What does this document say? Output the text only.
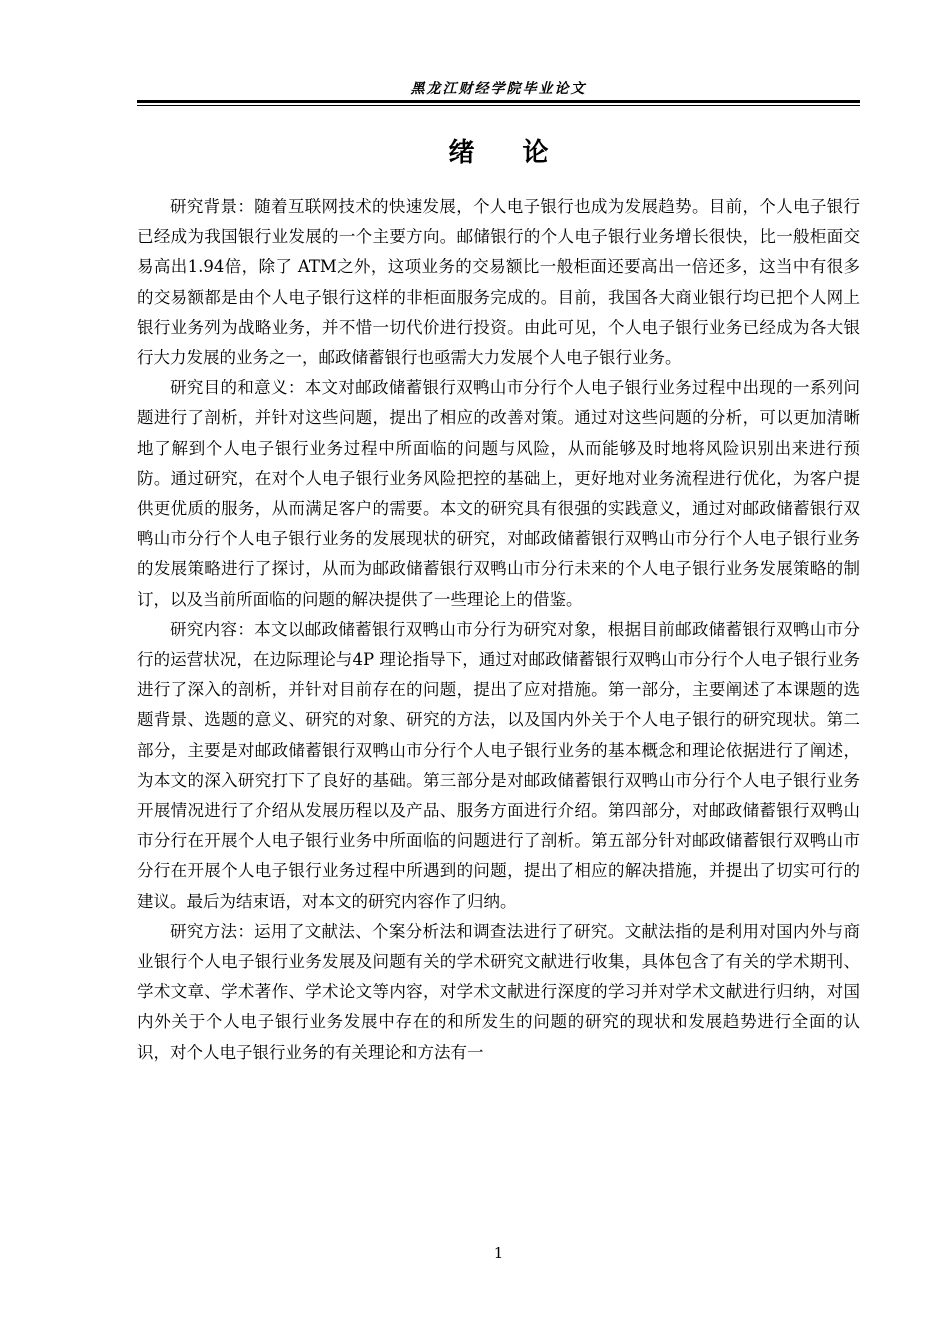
黑龙江财经学院毕业论文
绪论

研究背景：随着互联网技术的快速发展，个人电子银行也成为发展趋势。目前，个人电子银行已经成为我国银行业发展的一个主要方向。邮储银行的个人电子银行业务增长很快，比一般柜面交易高出1.94倍，除了 ATM之外，这项业务的交易额比一般柜面还要高出一倍还多，这当中有很多的交易额都是由个人电子银行这样的非柜面服务完成的。目前，我国各大商业银行均已把个人网上银行业务列为战略业务，并不惜一切代价进行投资。由此可见，个人电子银行业务已经成为各大银行大力发展的业务之一，邮政储蓄银行也亟需大力发展个人电子银行业务。

研究目的和意义：本文对邮政储蓄银行双鸭山市分行个人电子银行业务过程中出现的一系列问题进行了剖析，并针对这些问题，提出了相应的改善对策。通过对这些问题的分析，可以更加清晰地了解到个人电子银行业务过程中所面临的问题与风险，从而能够及时地将风险识别出来进行预防。通过研究，在对个人电子银行业务风险把控的基础上，更好地对业务流程进行优化，为客户提供更优质的服务，从而满足客户的需要。本文的研究具有很强的实践意义，通过对邮政储蓄银行双鸭山市分行个人电子银行业务的发展现状的研究，对邮政储蓄银行双鸭山市分行个人电子银行业务的发展策略进行了探讨，从而为邮政储蓄银行双鸭山市分行未来的个人电子银行业务发展策略的制订，以及当前所面临的问题的解决提供了一些理论上的借鉴。

研究内容：本文以邮政储蓄银行双鸭山市分行为研究对象，根据目前邮政储蓄银行双鸭山市分行的运营状况，在边际理论与4P 理论指导下，通过对邮政储蓄银行双鸭山市分行个人电子银行业务进行了深入的剖析，并针对目前存在的问题，提出了应对措施。第一部分，主要阐述了本课题的选题背景、选题的意义、研究的对象、研究的方法，以及国内外关于个人电子银行的研究现状。第二部分，主要是对邮政储蓄银行双鸭山市分行个人电子银行业务的基本概念和理论依据进行了阐述，为本文的深入研究打下了良好的基础。第三部分是对邮政储蓄银行双鸭山市分行个人电子银行业务开展情况进行了介绍从发展历程以及产品、服务方面进行介绍。第四部分，对邮政储蓄银行双鸭山市分行在开展个人电子银行业务中所面临的问题进行了剖析。第五部分针对邮政储蓄银行双鸭山市分行在开展个人电子银行业务过程中所遇到的问题，提出了相应的解决措施，并提出了切实可行的建议。最后为结束语，对本文的研究内容作了归纳。

研究方法：运用了文献法、个案分析法和调查法进行了研究。文献法指的是利用对国内外与商业银行个人电子银行业务发展及问题有关的学术研究文献进行收集，具体包含了有关的学术期刊、学术文章、学术著作、学术论文等内容，对学术文献进行深度的学习并对学术文献进行归纳，对国内外关于个人电子银行业务发展中存在的和所发生的问题的研究的现状和发展趋势进行全面的认识，对个人电子银行业务的有关理论和方法有一

1
